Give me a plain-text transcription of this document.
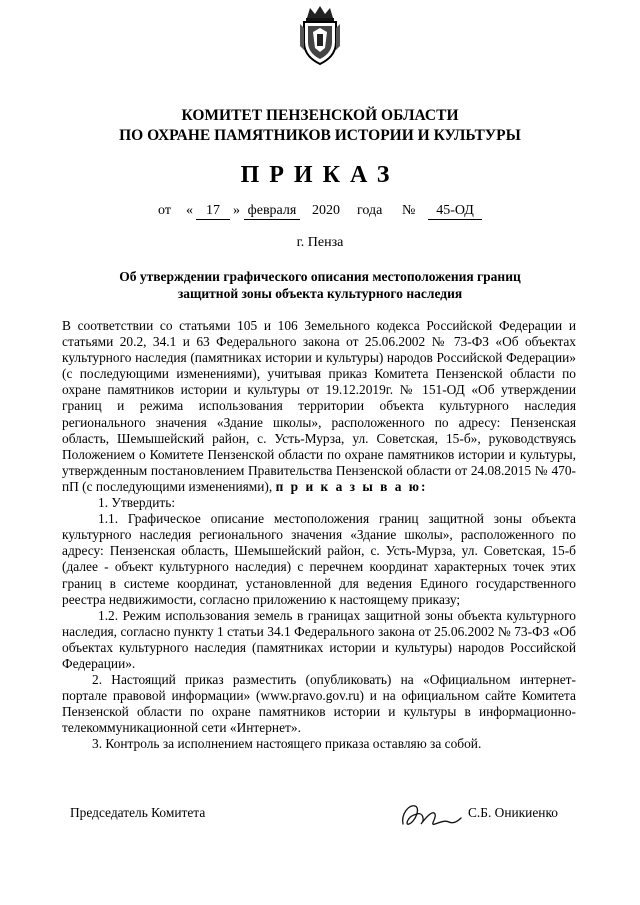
КОМИТЕТ ПЕНЗЕНСКОЙ ОБЛАСТИ
ПО ОХРАНЕ ПАМЯТНИКОВ ИСТОРИИ И КУЛЬТУРЫ
ПРИКАЗ
от « 17 » февраля 2020 года №	45-ОД
г. Пенза
Об утверждении графического описания местоположения границ
защитной зоны объекта культурного наследия

В соответствии со статьями 105 и 106 Земельного кодекса Российской Федерации и статьями 20.2, 34.1 и 63 Федерального закона от 25.06.2002 № 73-ФЗ «Об объектах культурного наследия (памятниках истории и культуры) народов Российской Федерации» (с последующими изменениями), учитывая приказ Комитета Пензенской области по охране памятников истории и культуры от 19.12.2019г. № 151-ОД «Об утверждении границ и режима использования территории объекта культурного наследия регионального значения «Здание школы», расположенного по адресу: Пензенская область, Шемышейский район, с. Усть-Мурза, ул. Советская, 15-б», руководствуясь Положением о Комитете Пензенской области по охране памятников истории и культуры, утвержденным постановлением Правительства Пензенской области от 24.08.2015 № 470-пП (с последующими изменениями), п р и к а з ы в а ю:

1. Утвердить:

1.1. Графическое описание местоположения границ защитной зоны объекта культурного наследия регионального значения «Здание школы», расположенного по адресу: Пензенская область, Шемышейский район, с. Усть-Мурза, ул. Советская, 15-б (далее - объект культурного наследия) с перечнем координат характерных точек этих границ в системе координат, установленной для ведения Единого государственного реестра недвижимости, согласно приложению к настоящему приказу;

1.2. Режим использования земель в границах защитной зоны объекта культурного наследия, согласно пункту 1 статьи 34.1 Федерального закона от 25.06.2002 № 73-ФЗ «Об объектах культурного наследия (памятниках истории и культуры) народов Российской Федерации».

2. Настоящий приказ разместить (опубликовать) на «Официальном интернет-портале правовой информации» (www.pravo.gov.ru) и на официальном сайте Комитета Пензенской области по охране памятников истории и культуры в информационно-телекоммуникационной сети «Интернет».

3. Контроль за исполнением настоящего приказа оставляю за собой.

Председатель Комитета	С.Б. Оникиенко
